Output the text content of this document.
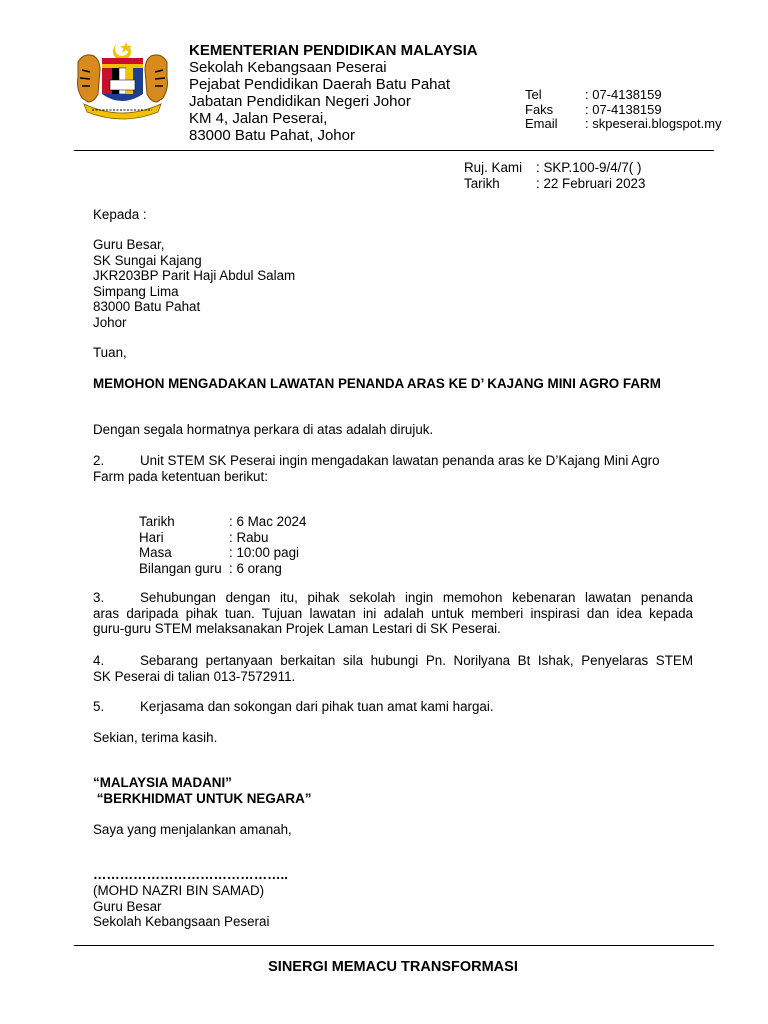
KEMENTERIAN PENDIDIKAN MALAYSIA
Sekolah Kebangsaan Peserai
Pejabat Pendidikan Daerah Batu Pahat
Jabatan Pendidikan Negeri Johor
KM 4, Jalan Peserai,
83000 Batu Pahat, Johor
Tel	: 07-4138159
Faks : 07-4138159
Email : skpeserai.blogspot.my
Ruj. Kami : SKP.100-9/4/7( )
Tarikh	: 22 Februari 2023
Kepada :
Guru Besar,
SK Sungai Kajang
JKR203BP Parit Haji Abdul Salam
Simpang Lima
83000 Batu Pahat
Johor
Tuan,
MEMOHON MENGADAKAN LAWATAN PENANDA ARAS KE D’ KAJANG MINI AGRO FARM
Dengan segala hormatnya perkara di atas adalah dirujuk.
2.	Unit STEM SK Peserai ingin mengadakan lawatan penanda aras ke D’Kajang Mini Agro
Farm pada ketentuan berikut:
Tarikh	: 6 Mac 2024
Hari	: Rabu
Masa	: 10:00 pagi
Bilangan guru : 6 orang
3.	Sehubungan dengan itu, pihak sekolah ingin memohon kebenaran lawatan penanda
aras daripada pihak tuan. Tujuan lawatan ini adalah untuk memberi inspirasi dan idea kepada
guru-guru STEM melaksanakan Projek Laman Lestari di SK Peserai.
4.	Sebarang pertanyaan berkaitan sila hubungi Pn. Norilyana Bt Ishak, Penyelaras STEM
SK Peserai di talian 013-7572911.
5.	Kerjasama dan sokongan dari pihak tuan amat kami hargai.
Sekian, terima kasih.
“MALAYSIA MADANI”
“BERKHIDMAT UNTUK NEGARA”
Saya yang menjalankan amanah,
……………………………………..
(MOHD NAZRI BIN SAMAD)
Guru Besar
Sekolah Kebangsaan Peserai
SINERGI MEMACU TRANSFORMASI
